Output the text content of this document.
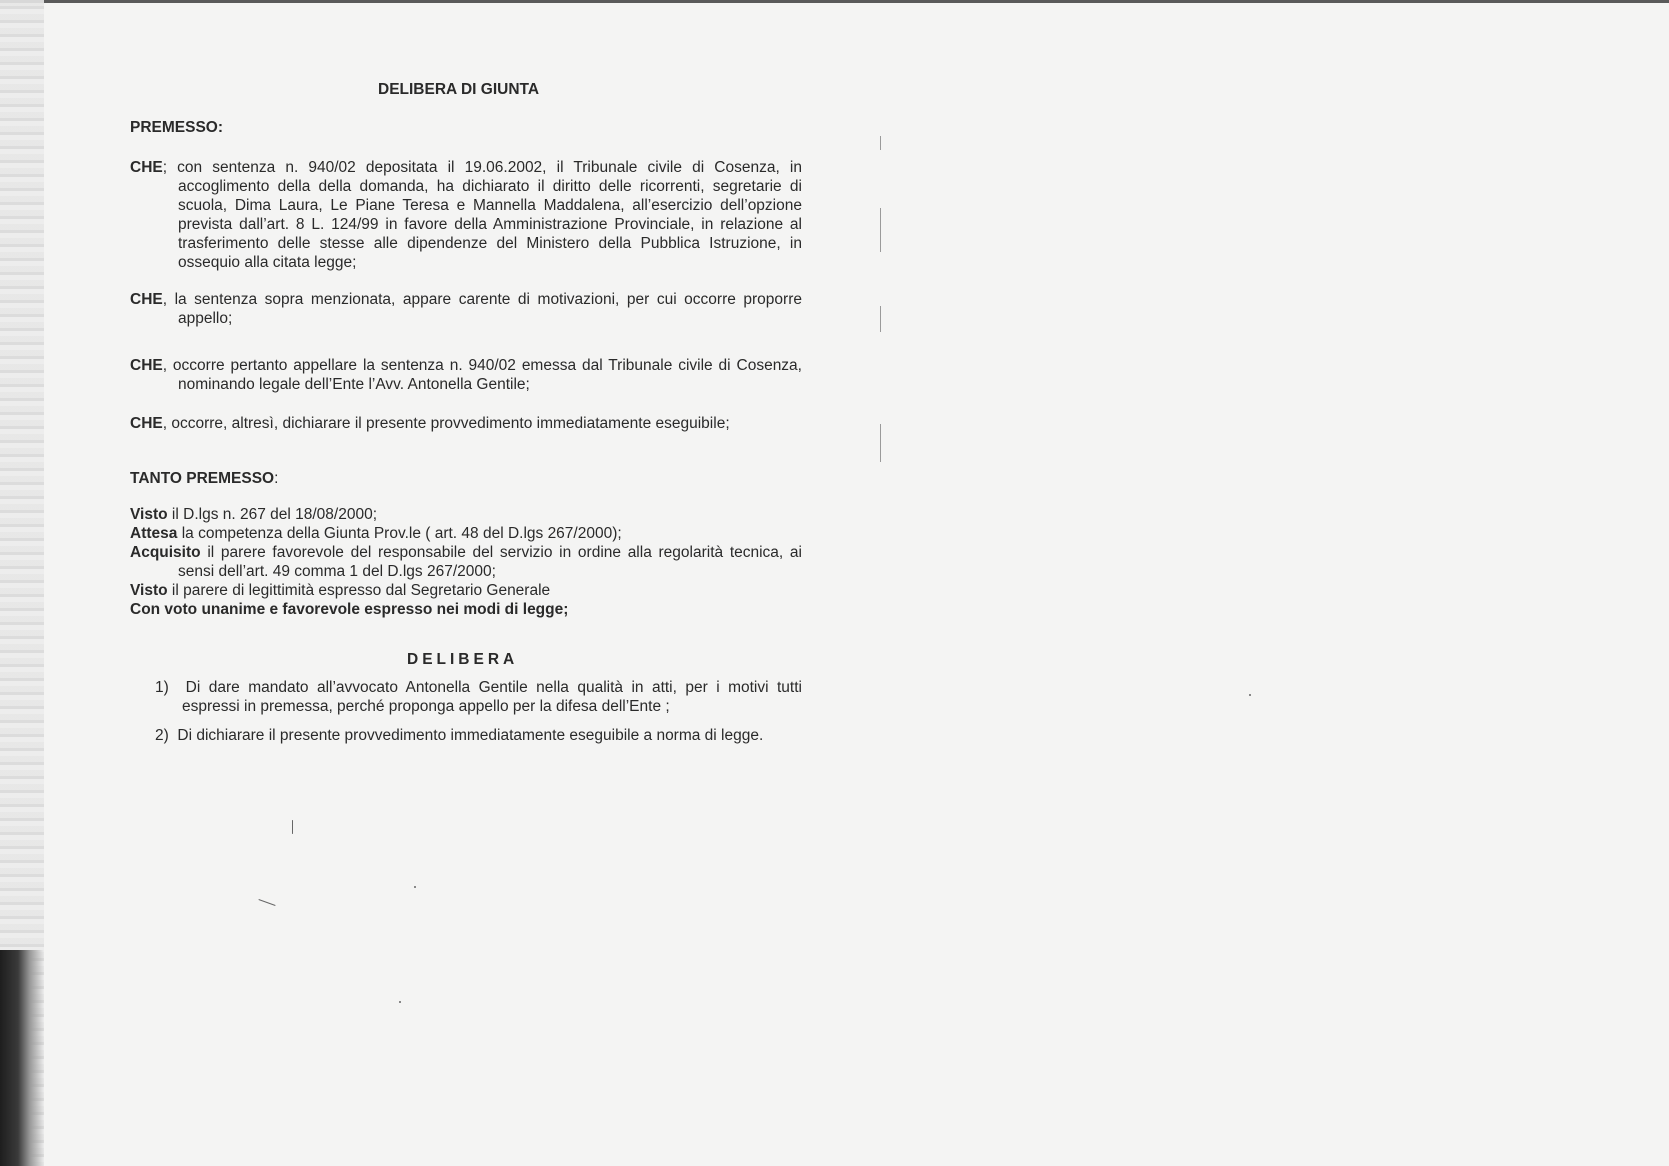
DELIBERA DI GIUNTA
PREMESSO:
CHE; con sentenza n. 940/02 depositata il 19.06.2002, il Tribunale civile di Cosenza, in accoglimento della della domanda, ha dichiarato il diritto delle ricorrenti, segretarie di scuola, Dima Laura, Le Piane Teresa e Mannella Maddalena, all’esercizio dell’opzione prevista dall’art. 8 L. 124/99 in favore della Amministrazione Provinciale, in relazione al trasferimento delle stesse alle dipendenze del Ministero della Pubblica Istruzione, in ossequio alla citata legge;
CHE, la sentenza sopra menzionata, appare carente di motivazioni, per cui occorre proporre appello;
CHE, occorre pertanto appellare la sentenza n. 940/02 emessa dal Tribunale civile di Cosenza, nominando legale dell’Ente l’Avv. Antonella Gentile;
CHE, occorre, altresì, dichiarare il presente provvedimento immediatamente eseguibile;
TANTO PREMESSO:
Visto il D.lgs n. 267 del 18/08/2000;
Attesa la competenza della Giunta Prov.le ( art. 48 del D.lgs 267/2000);
Acquisito il parere favorevole del responsabile del servizio in ordine alla regolarità tecnica, ai sensi dell’art. 49 comma 1 del D.lgs 267/2000;
Visto il parere di legittimità espresso dal Segretario Generale
Con voto unanime e favorevole espresso nei modi di legge;
DELIBERA
1) Di dare mandato all’avvocato Antonella Gentile nella qualità in atti, per i motivi tutti espressi in premessa, perché proponga appello per la difesa dell’Ente ;
2) Di dichiarare il presente provvedimento immediatamente eseguibile a norma di legge.
